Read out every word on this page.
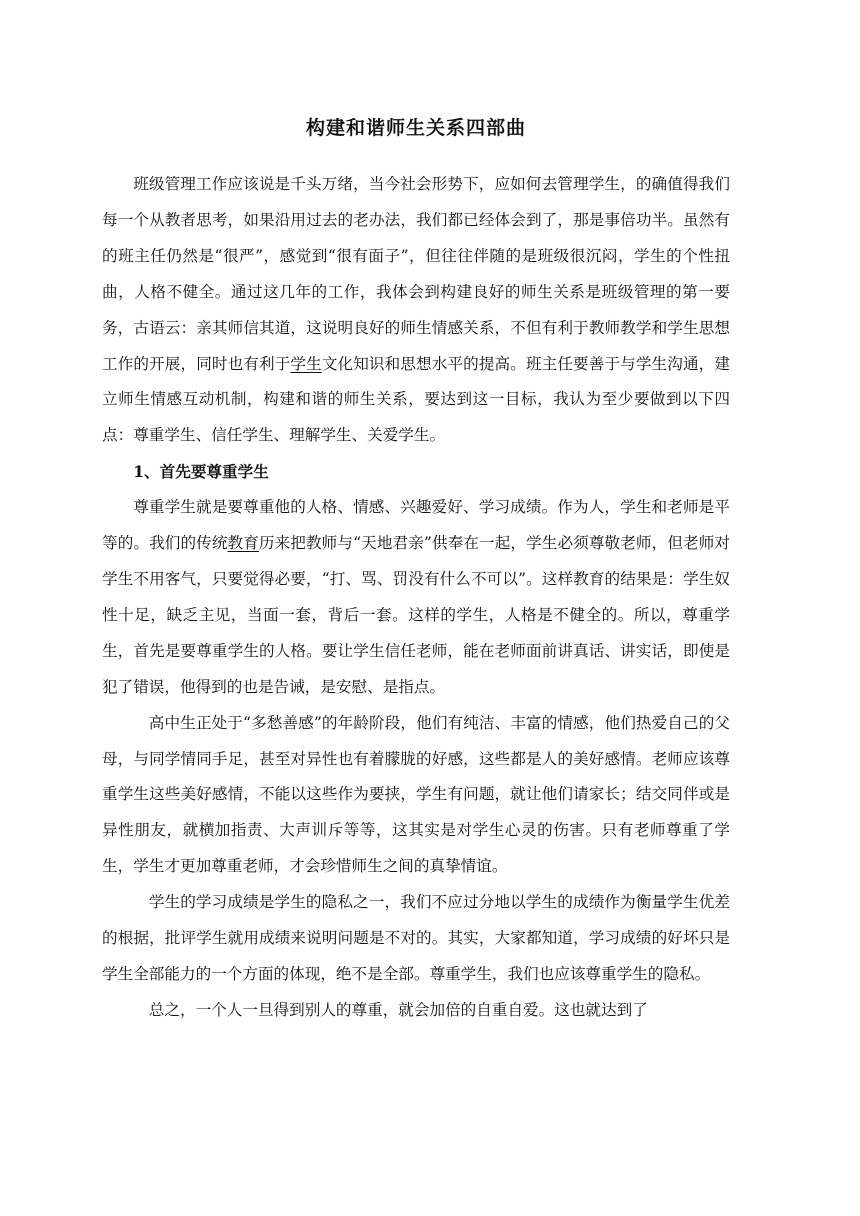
构建和谐师生关系四部曲

班级管理工作应该说是千头万绪，当今社会形势下，应如何去管理学生，的确值得我们每一个从教者思考，如果沿用过去的老办法，我们都已经体会到了，那是事倍功半。虽然有的班主任仍然是“很严”，感觉到“很有面子”，但往往伴随的是班级很沉闷，学生的个性扭曲，人格不健全。通过这几年的工作，我体会到构建良好的师生关系是班级管理的第一要务，古语云：亲其师信其道，这说明良好的师生情感关系，不但有利于教师教学和学生思想工作的开展，同时也有利于学生文化知识和思想水平的提高。班主任要善于与学生沟通，建立师生情感互动机制，构建和谐的师生关系，要达到这一目标，我认为至少要做到以下四点：尊重学生、信任学生、理解学生、关爱学生。

1、首先要尊重学生

尊重学生就是要尊重他的人格、情感、兴趣爱好、学习成绩。作为人，学生和老师是平等的。我们的传统教育历来把教师与“天地君亲”供奉在一起，学生必须尊敬老师，但老师对学生不用客气，只要觉得必要，“打、骂、罚没有什么不可以”。这样教育的结果是：学生奴性十足，缺乏主见，当面一套，背后一套。这样的学生，人格是不健全的。所以，尊重学生，首先是要尊重学生的人格。要让学生信任老师，能在老师面前讲真话、讲实话，即使是犯了错误，他得到的也是告诫，是安慰、是指点。

高中生正处于“多愁善感”的年龄阶段，他们有纯洁、丰富的情感，他们热爱自己的父母，与同学情同手足，甚至对异性也有着朦胧的好感，这些都是人的美好感情。老师应该尊重学生这些美好感情，不能以这些作为要挟，学生有问题，就让他们请家长；结交同伴或是异性朋友，就横加指责、大声训斥等等，这其实是对学生心灵的伤害。只有老师尊重了学生，学生才更加尊重老师，才会珍惜师生之间的真挚情谊。

学生的学习成绩是学生的隐私之一，我们不应过分地以学生的成绩作为衡量学生优差的根据，批评学生就用成绩来说明问题是不对的。其实，大家都知道，学习成绩的好坏只是学生全部能力的一个方面的体现，绝不是全部。尊重学生，我们也应该尊重学生的隐私。

总之，一个人一旦得到别人的尊重，就会加倍的自重自爱。这也就达到了
